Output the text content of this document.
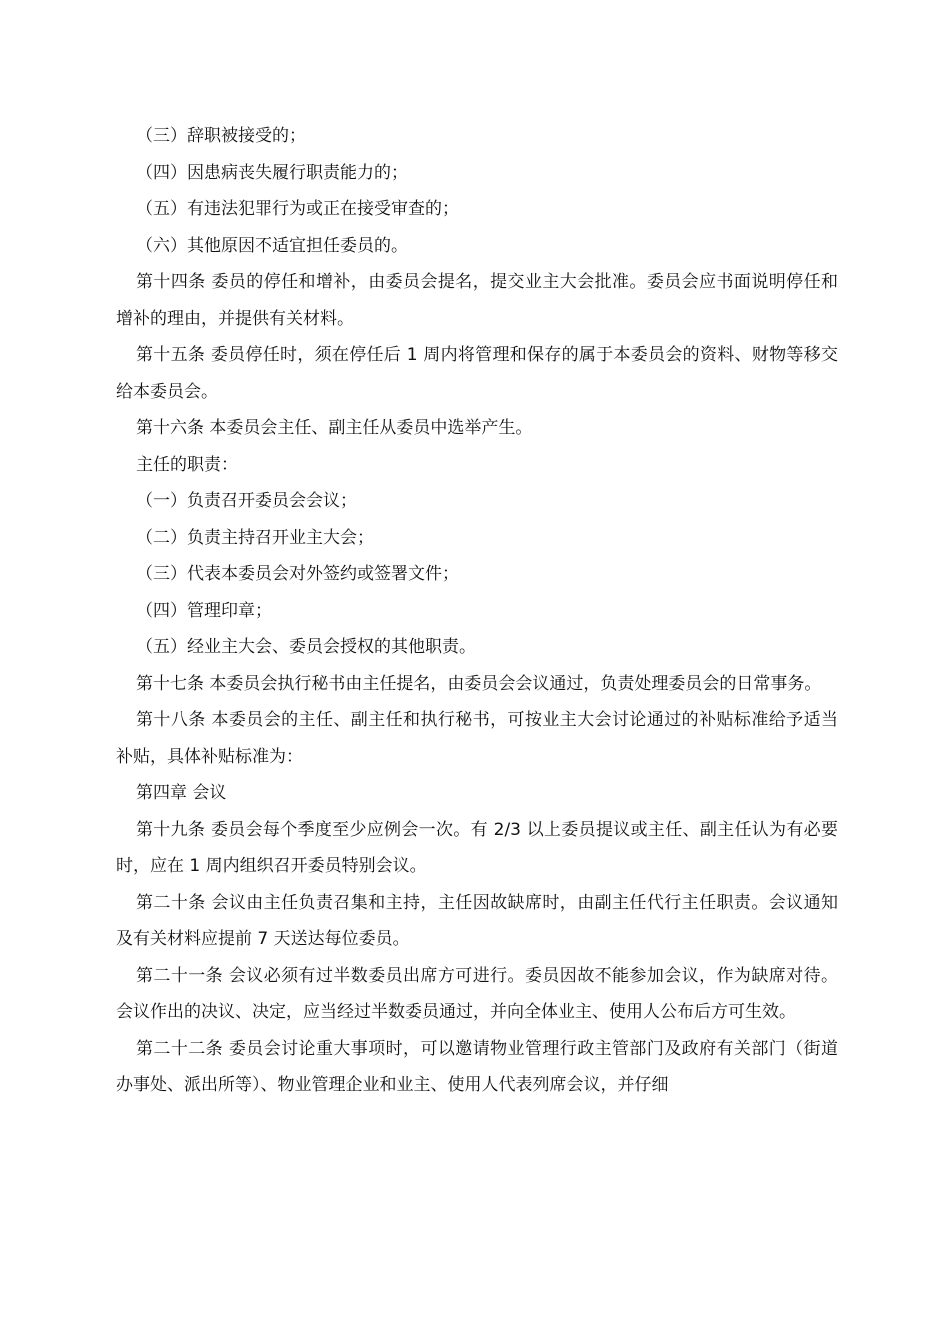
（三）辞职被接受的；

（四）因患病丧失履行职责能力的；

（五）有违法犯罪行为或正在接受审查的；

（六）其他原因不适宜担任委员的。

第十四条 委员的停任和增补，由委员会提名，提交业主大会批准。委员会应书面说明停任和增补的理由，并提供有关材料。

第十五条 委员停任时，须在停任后 1 周内将管理和保存的属于本委员会的资料、财物等移交给本委员会。

第十六条 本委员会主任、副主任从委员中选举产生。

主任的职责：

（一）负责召开委员会会议；

（二）负责主持召开业主大会；

（三）代表本委员会对外签约或签署文件；

（四）管理印章；

（五）经业主大会、委员会授权的其他职责。

第十七条 本委员会执行秘书由主任提名，由委员会会议通过，负责处理委员会的日常事务。

第十八条 本委员会的主任、副主任和执行秘书，可按业主大会讨论通过的补贴标准给予适当补贴，具体补贴标准为：

第四章 会议

第十九条 委员会每个季度至少应例会一次。有 2/3 以上委员提议或主任、副主任认为有必要时，应在 1 周内组织召开委员特别会议。

第二十条 会议由主任负责召集和主持，主任因故缺席时，由副主任代行主任职责。会议通知及有关材料应提前 7 天送达每位委员。

第二十一条 会议必须有过半数委员出席方可进行。委员因故不能参加会议，作为缺席对待。会议作出的决议、决定，应当经过半数委员通过，并向全体业主、使用人公布后方可生效。

第二十二条 委员会讨论重大事项时，可以邀请物业管理行政主管部门及政府有关部门（街道办事处、派出所等）、物业管理企业和业主、使用人代表列席会议，并仔细
